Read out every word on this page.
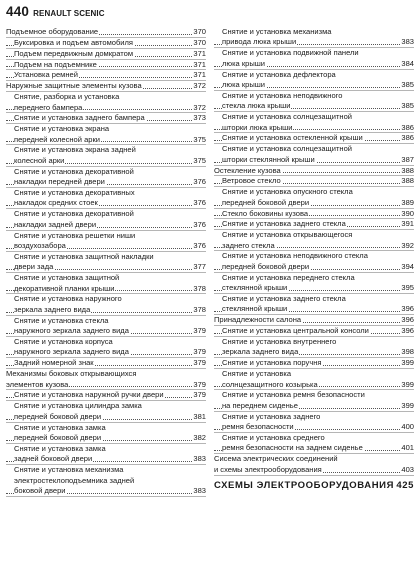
440 RENAULT SCENIC
Подъемное оборудование	370
Буксировка и подъем автомобиля	370
Подъем передвижным домкратом	371
Подъем на подъемнике	371
Установка ремней	371
Наружные защитные элементы кузова	372
Снятие, разборка и установка
переднего бампера	372
Снятие и установка заднего бампера	373
Снятие и установка экрана
передней колесной арки	375
Снятие и установка экрана задней
колесной арки	375
Снятие и установка декоративной
накладки передней двери	376
Снятие и установка декоративных
накладок средних стоек	376
Снятие и установка декоративной
накладки задней двери	376
Снятие и установка решетки ниши
воздухозабора	376
Снятие и установка защитной накладки
двери зада	377
Снятие и установка защитной
декоративной планки крыши	378
Снятие и установка наружного
зеркала заднего вида	378
Снятие и установка стекла
наружного зеркала заднего вида	379
Снятие и установка корпуса
наружного зеркала заднего вида	379
Задний номерной знак	379
Механизмы боковых открывающихся
элементов кузова	379
Снятие и установка наружной ручки двери	379
Снятие и установка цилиндра замка
передней боковой двери	381
Снятие и установка замка
передней боковой двери	382
Снятие и установка замка
задней боковой двери	383
Снятие и установка механизма
электростеклоподъемника задней
боковой двери	383
Снятие и установка механизма
привода люка крыши	383
Снятие и установка подвижной панели
люка крыши	384
Снятие и установка дефлектора
люка крыши	385
Снятие и установка неподвижного
стекла люка крыши	385
Снятие и установка солнцезащитной
шторки люка крыши	386
Снятие и установка остекленной крыши	386
Снятие и установка солнцезащитной
шторки стеклянной крыши	387
Остекление кузова	388
Ветровое стекло	388
Снятие и установка опускного стекла
передней боковой двери	389
Стекло боковины кузова	390
Снятие и установка заднего стекла	391
Снятие и установка открывающегося
заднего стекла	392
Снятие и установка неподвижного стекла
передней боковой двери	394
Снятие и установка переднего стекла
стеклянной крыши	395
Снятие и установка заднего стекла
стеклянной крыши	396
Принадлежности салона	396
Снятие и установка центральной консоли	396
Снятие и установка внутреннего
зеркала заднего вида	398
Снятие и установка поручня	399
Снятие и установка
солнцезащитного козырька	399
Снятие и установка ремня безопасности
на переднем сиденье	399
Снятие и установка заднего
ремня безопасности	400
Снятие и установка среднего
ремня безопасности на заднем сиденье	401
Сисема электрических соединений
и схемы электрооборудования	403
СХЕМЫ ЭЛЕКТРООБОРУДОВАНИЯ 425
